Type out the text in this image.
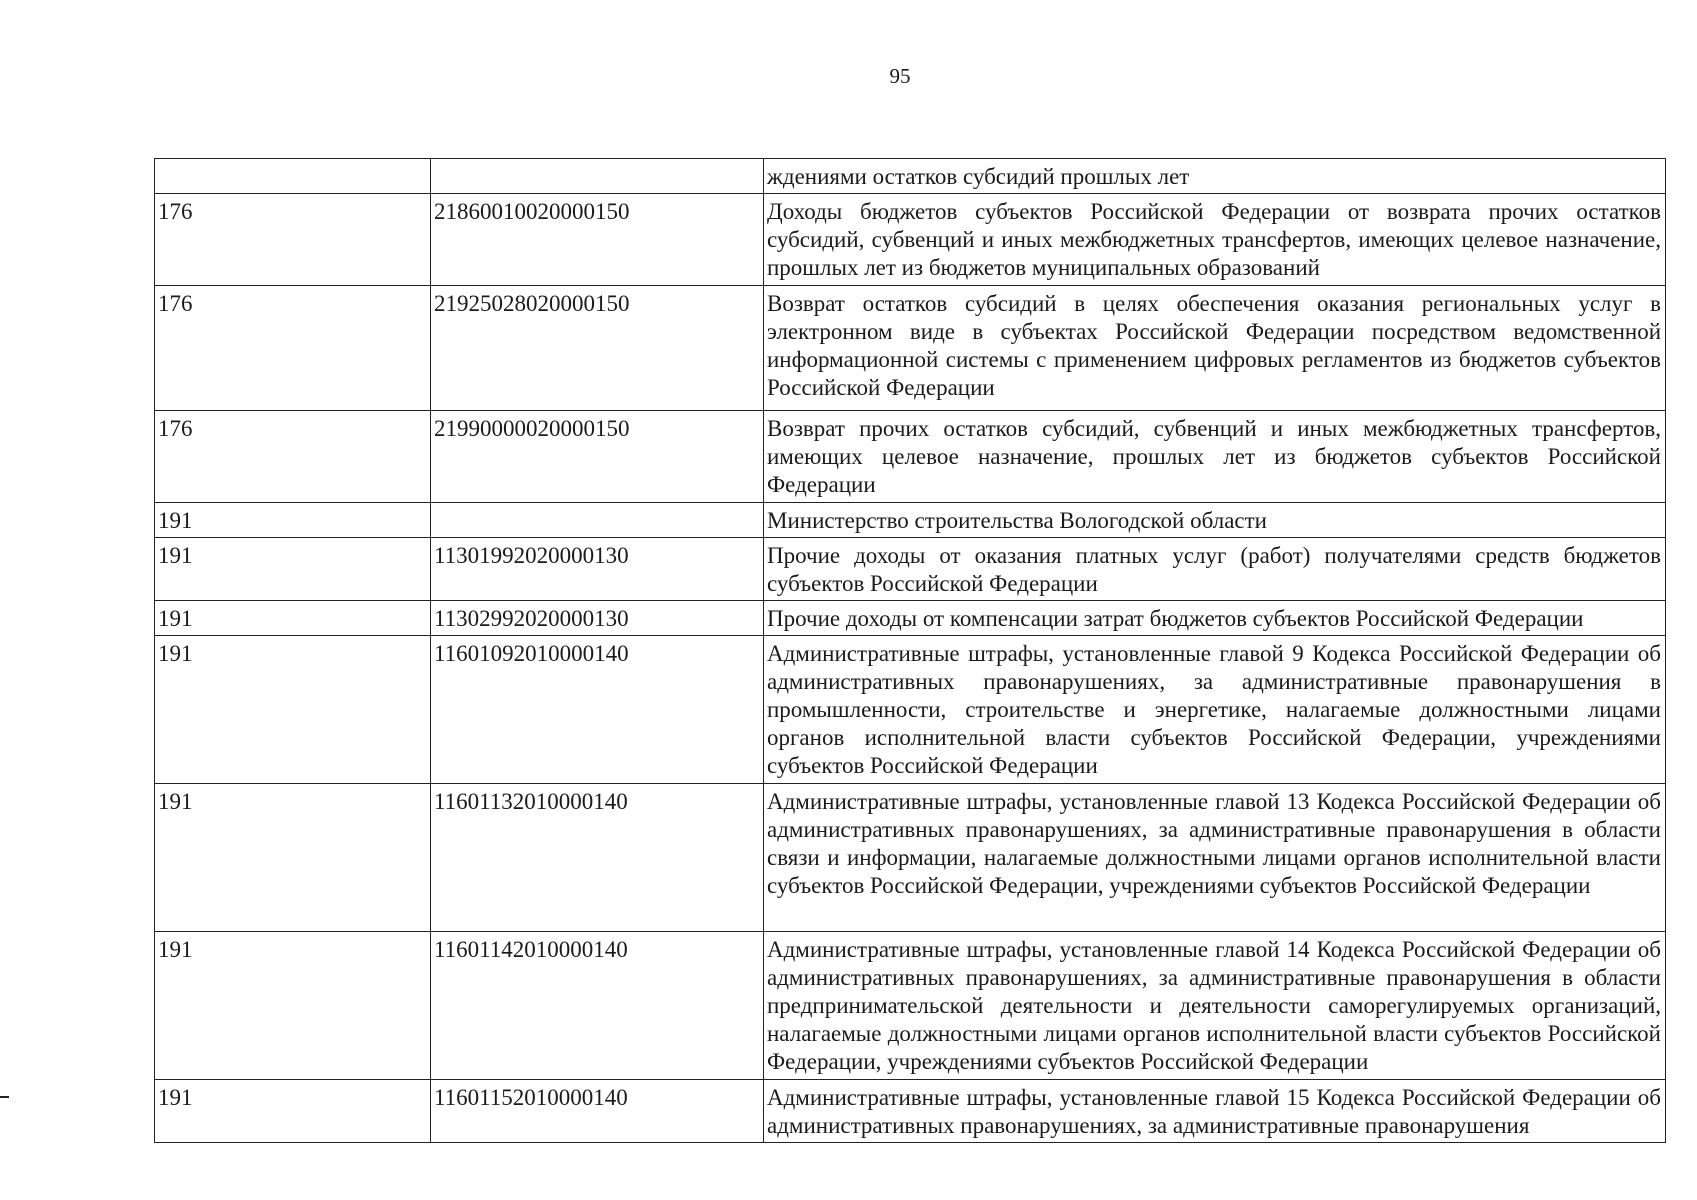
95
		ждениями остатков субсидий прошлых лет
176	21860010020000150	Доходы бюджетов субъектов Российской Федерации от возврата прочих остатков субсидий, субвенций и иных межбюджетных трансфертов, имеющих целевое назначение, прошлых лет из бюджетов муниципальных образований
176	21925028020000150	Возврат остатков субсидий в целях обеспечения оказания региональных услуг в электронном виде в субъектах Российской Федерации посредством ведомственной информационной системы с применением цифровых регламентов из бюджетов субъектов Российской Федерации
176	21990000020000150	Возврат прочих остатков субсидий, субвенций и иных межбюджетных трансфертов, имеющих целевое назначение, прошлых лет из бюджетов субъектов Российской Федерации
191		Министерство строительства Вологодской области
191	11301992020000130	Прочие доходы от оказания платных услуг (работ) получателями средств бюджетов субъектов Российской Федерации
191	11302992020000130	Прочие доходы от компенсации затрат бюджетов субъектов Российской Федерации
191	11601092010000140	Административные штрафы, установленные главой 9 Кодекса Российской Федерации об административных правонарушениях, за административные правонарушения в промышленности, строительстве и энергетике, налагаемые должностными лицами органов исполнительной власти субъектов Российской Федерации, учреждениями субъектов Российской Федерации
191	11601132010000140	Административные штрафы, установленные главой 13 Кодекса Российской Федерации об административных правонарушениях, за административные правонарушения в области связи и информации, налагаемые должностными лицами органов исполнительной власти субъектов Российской Федерации, учреждениями субъектов Российской Федерации
191	11601142010000140	Административные штрафы, установленные главой 14 Кодекса Российской Федерации об административных правонарушениях, за административные правонарушения в области предпринимательской деятельности и деятельности саморегулируемых организаций, налагаемые должностными лицами органов исполнительной власти субъектов Российской Федерации, учреждениями субъектов Российской Федерации
191	11601152010000140	Административные штрафы, установленные главой 15 Кодекса Российской Федерации об административных правонарушениях, за административные правонарушения
